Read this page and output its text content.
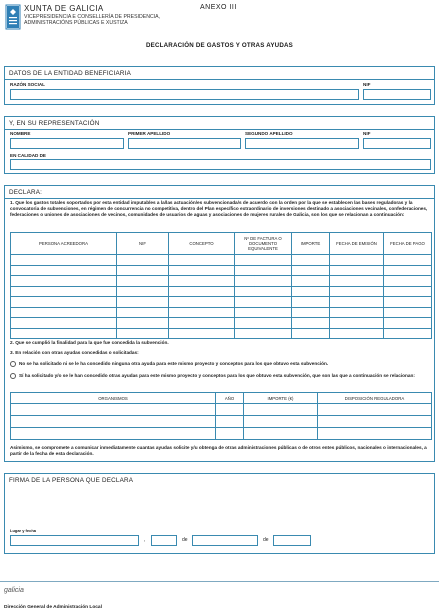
XUNTA DE GALICIA
VICEPRESIDENCIA E CONSELLERÍA DE PRESIDENCIA,
ADMINISTRACIÓNS PÚBLICAS E XUSTIZA
ANEXO III
DECLARACIÓN DE GASTOS Y OTRAS AYUDAS
DATOS DE LA ENTIDAD BENEFICIARIA
RAZÓN SOCIAL	NIF
Y, EN SU REPRESENTACIÓN
NOMBRE	PRIMER APELLIDO	SEGUNDO APELLIDO	NIF
EN CALIDAD DE
DECLARA:
1. Que los gastos totales soportados por esta entidad imputables a la/las actuación/es subvencionada/s de acuerdo con la orden por la que se establecen las bases reguladoras y la convocatoria de subvenciones, en régimen de concurrencia no competitiva, dentro del Plan específico extraordinario de inversiones destinado a asociaciones vecinales, confederaciones, federaciones o uniones de asociaciones de vecinos, comunidades de usuarios de aguas y asociaciones de mujeres rurales de Galicia, son los que se relacionan a continuación:
PERSONA ACREEDORA	NIF	CONCEPTO	Nº DE FACTURA O DOCUMENTO EQUIVALENTE	IMPORTE	FECHA DE EMISIÓN	FECHA DE PAGO

2. Que se cumplió la finalidad para la que fue concedida la subvención.
3. En relación con otras ayudas concedidas o solicitadas:
No se ha solicitado ni se le ha concedido ninguna otra ayuda para este mismo proyecto y conceptos para los que obtuvo esta subvención.
Sí ha solicitado y/o se le han concedido otras ayudas para este mismo proyecto y conceptos para los que obtuvo esta subvención, que son las que a continuación se relacionan:
ORGANISMOS	AÑO	IMPORTE (€)	DISPOSICIÓN REGULADORA

Asimismo, se compromete a comunicar inmediatamente cuantas ayudas solicite y/u obtenga de otras administraciones públicas o de otros entes públicos, nacionales o internacionales, a partir de la fecha de esta declaración.
FIRMA DE LA PERSONA QUE DECLARA
Lugar y fecha
,	de	de
galicia
Dirección General de Administración Local
